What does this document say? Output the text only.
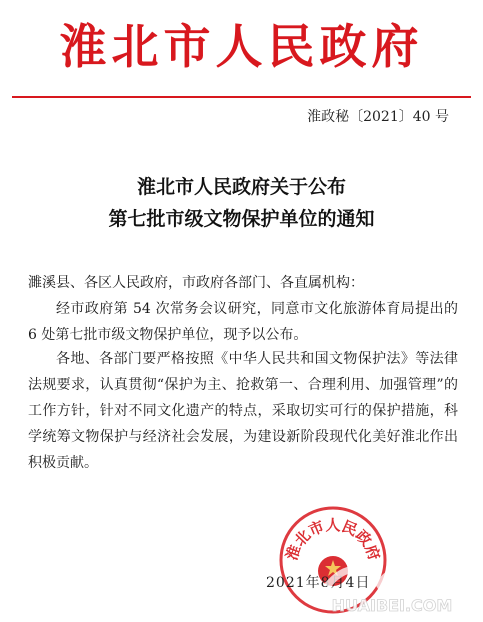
淮北市人民政府
淮政秘〔2021〕40 号
淮北市人民政府关于公布
第七批市级文物保护单位的通知
濉溪县、各区人民政府，市政府各部门、各直属机构：
经市政府第 54 次常务会议研究，同意市文化旅游体育局提出的 6 处第七批市级文物保护单位，现予以公布。
各地、各部门要严格按照《中华人民共和国文物保护法》等法律法规要求，认真贯彻“保护为主、抢救第一、合理利用、加强管理”的工作方针，针对不同文化遗产的特点，采取切实可行的保护措施，科学统筹文物保护与经济社会发展，为建设新阶段现代化美好淮北作出积极贡献。
淮北市人民政府
2021年8月4日
HUAIBEI.COM
